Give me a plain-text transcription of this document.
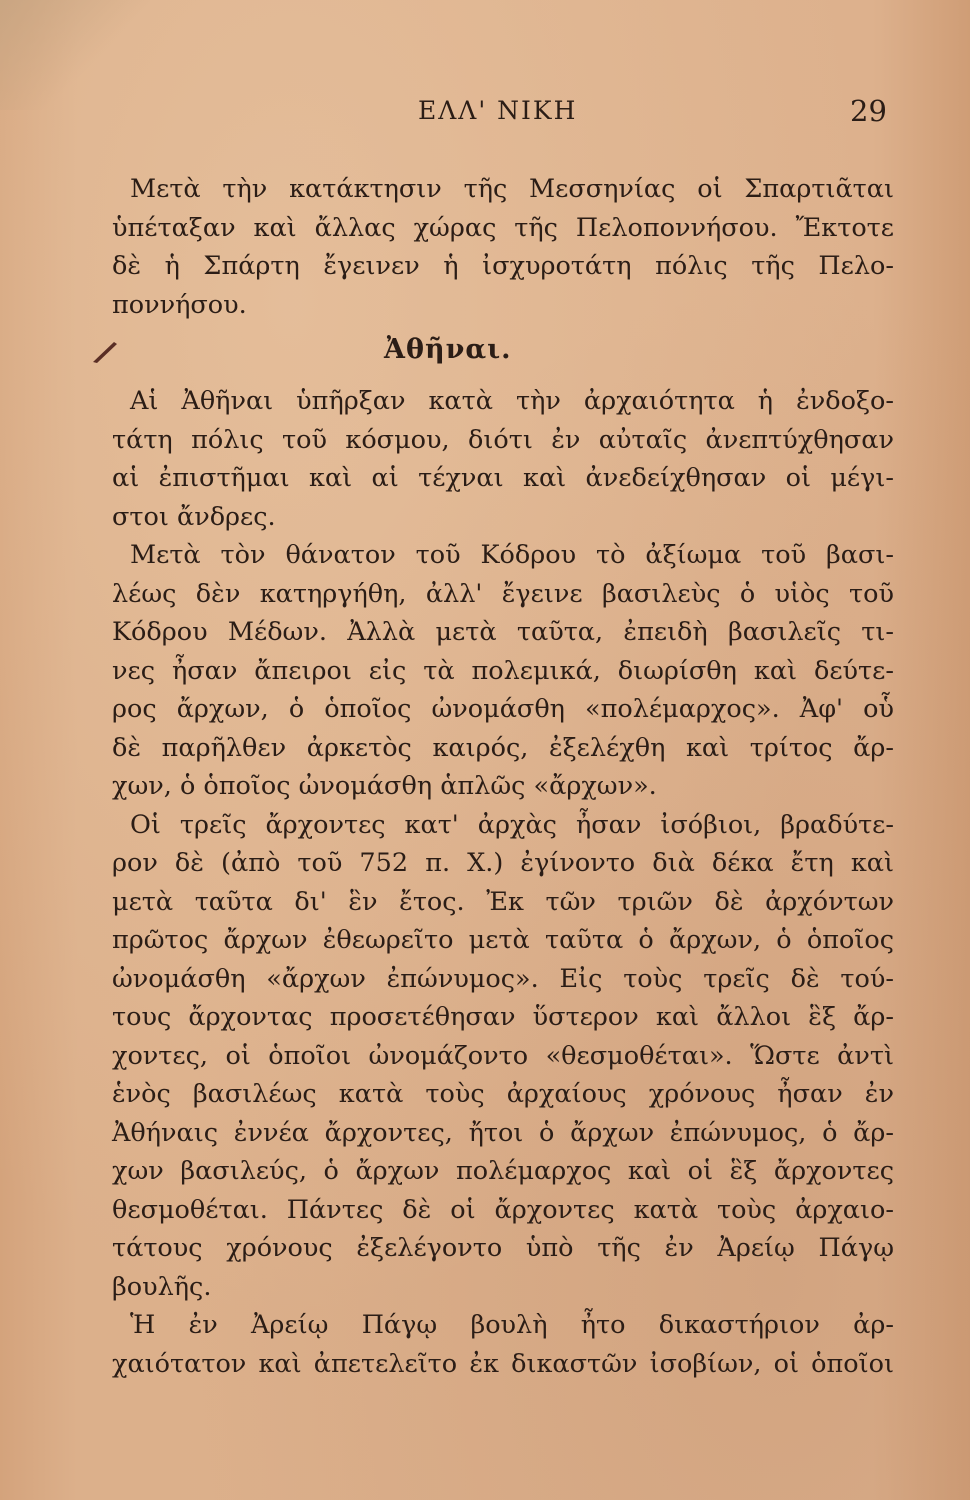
ΕΛΛ' ΝΙΚΗ	29
Μετὰ τὴν κατάκτησιν τῆς Μεσσηνίας οἱ Σπαρτιᾶται
ὑπέταξαν καὶ ἄλλας χώρας τῆς Πελοποννήσου. Ἔκτοτε
δὲ ἡ Σπάρτη ἔγεινεν ἡ ἰσχυροτάτη πόλις τῆς Πελο-
ποννήσου.
Ἀθῆναι.
Αἱ Ἀθῆναι ὑπῆρξαν κατὰ τὴν ἀρχαιότητα ἡ ἐνδοξο-
τάτη πόλις τοῦ κόσμου, διότι ἐν αὐταῖς ἀνεπτύχθησαν
αἱ ἐπιστῆμαι καὶ αἱ τέχναι καὶ ἀνεδείχθησαν οἱ μέγι-
στοι ἄνδρες.
Μετὰ τὸν θάνατον τοῦ Κόδρου τὸ ἀξίωμα τοῦ βασι-
λέως δὲν κατηργήθη, ἀλλ' ἔγεινε βασιλεὺς ὁ υἱὸς τοῦ
Κόδρου Μέδων. Ἀλλὰ μετὰ ταῦτα, ἐπειδὴ βασιλεῖς τι-
νες ἦσαν ἄπειροι εἰς τὰ πολεμικά, διωρίσθη καὶ δεύτε-
ρος ἄρχων, ὁ ὁποῖος ὠνομάσθη «πολέμαρχος». Ἀφ' οὗ
δὲ παρῆλθεν ἀρκετὸς καιρός, ἐξελέχθη καὶ τρίτος ἄρ-
χων, ὁ ὁποῖος ὠνομάσθη ἁπλῶς «ἄρχων».
Οἱ τρεῖς ἄρχοντες κατ' ἀρχὰς ἦσαν ἰσόβιοι, βραδύτε-
ρον δὲ (ἀπὸ τοῦ 752 π. Χ.) ἐγίνοντο διὰ δέκα ἔτη καὶ
μετὰ ταῦτα δι' ἓν ἔτος. Ἐκ τῶν τριῶν δὲ ἀρχόντων
πρῶτος ἄρχων ἐθεωρεῖτο μετὰ ταῦτα ὁ ἄρχων, ὁ ὁποῖος
ὠνομάσθη «ἄρχων ἐπώνυμος». Εἰς τοὺς τρεῖς δὲ τού-
τους ἄρχοντας προσετέθησαν ὕστερον καὶ ἄλλοι ἓξ ἄρ-
χοντες, οἱ ὁποῖοι ὠνομάζοντο «θεσμοθέται». Ὥστε ἀντὶ
ἑνὸς βασιλέως κατὰ τοὺς ἀρχαίους χρόνους ἦσαν ἐν
Ἀθήναις ἐννέα ἄρχοντες, ἤτοι ὁ ἄρχων ἐπώνυμος, ὁ ἄρ-
χων βασιλεύς, ὁ ἄρχων πολέμαρχος καὶ οἱ ἓξ ἄρχοντες
θεσμοθέται. Πάντες δὲ οἱ ἄρχοντες κατὰ τοὺς ἀρχαιο-
τάτους χρόνους ἐξελέγοντο ὑπὸ τῆς ἐν Ἀρείῳ Πάγῳ
βουλῆς.
Ἡ ἐν Ἀρείῳ Πάγῳ βουλὴ ἦτο δικαστήριον ἀρ-
χαιότατον καὶ ἀπετελεῖτο ἐκ δικαστῶν ἰσοβίων, οἱ ὁποῖοι
